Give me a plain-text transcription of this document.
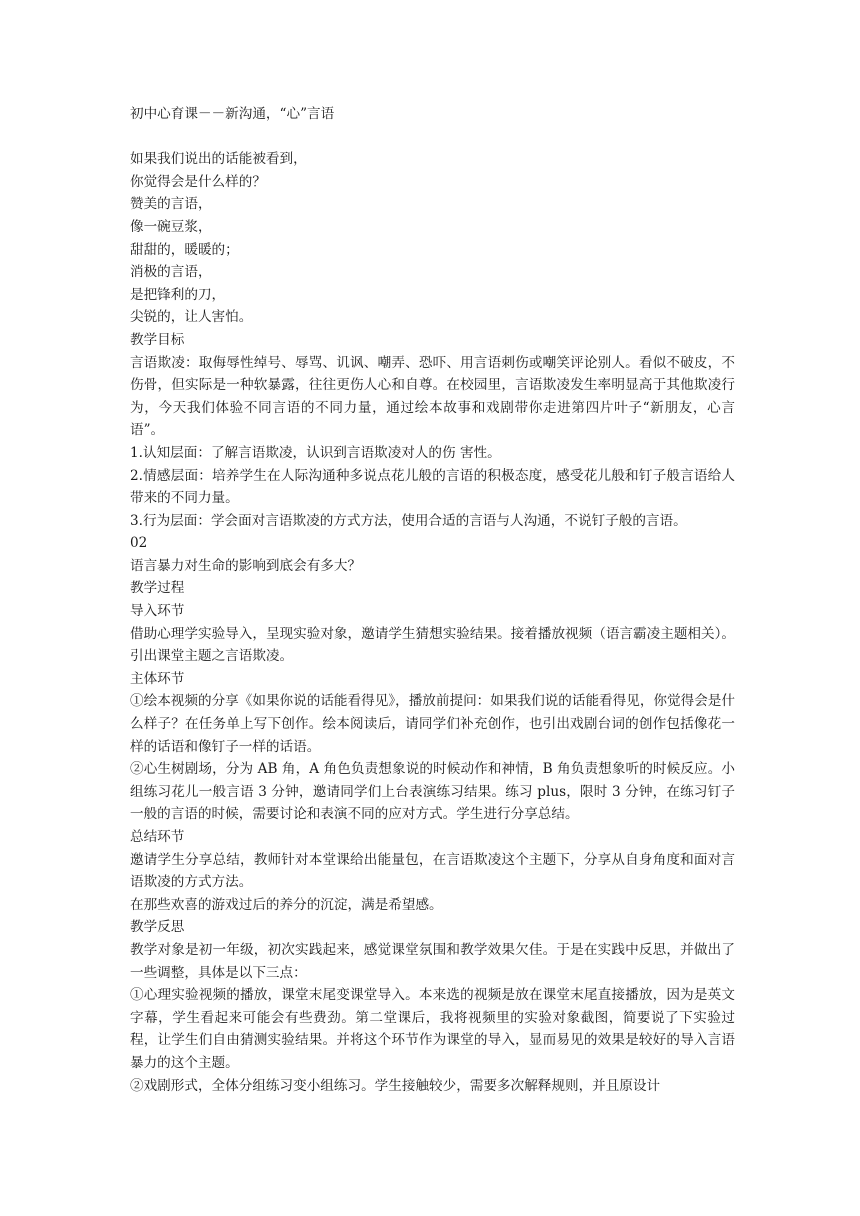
初中心育课－－新沟通，“心”言语

如果我们说出的话能被看到，

你觉得会是什么样的？

赞美的言语，

像一碗豆浆，

甜甜的，暖暖的；

消极的言语，

是把锋利的刀，

尖锐的，让人害怕。

教学目标

言语欺凌：取侮辱性绰号、辱骂、讥讽、嘲弄、恐吓、用言语刺伤或嘲笑评论别人。看似不破皮，不伤骨，但实际是一种软暴露，往往更伤人心和自尊。在校园里，言语欺凌发生率明显高于其他欺凌行为，今天我们体验不同言语的不同力量，通过绘本故事和戏剧带你走进第四片叶子“新朋友，心言语”。

1.认知层面：了解言语欺凌，认识到言语欺凌对人的伤 害性。

2.情感层面：培养学生在人际沟通种多说点花儿般的言语的积极态度，感受花儿般和钉子般言语给人带来的不同力量。

3.行为层面：学会面对言语欺凌的方式方法，使用合适的言语与人沟通，不说钉子般的言语。

02

语言暴力对生命的影响到底会有多大？

教学过程

导入环节

借助心理学实验导入，呈现实验对象，邀请学生猜想实验结果。接着播放视频（语言霸凌主题相关）。引出课堂主题之言语欺凌。

主体环节

①绘本视频的分享《如果你说的话能看得见》，播放前提问：如果我们说的话能看得见，你觉得会是什么样子？在任务单上写下创作。绘本阅读后，请同学们补充创作，也引出戏剧台词的创作包括像花一样的话语和像钉子一样的话语。

②心生树剧场，分为 AB 角，A 角色负责想象说的时候动作和神情，B 角负责想象听的时候反应。小组练习花儿一般言语 3 分钟，邀请同学们上台表演练习结果。练习 plus，限时 3 分钟，在练习钉子一般的言语的时候，需要讨论和表演不同的应对方式。学生进行分享总结。

总结环节

邀请学生分享总结，教师针对本堂课给出能量包，在言语欺凌这个主题下，分享从自身角度和面对言语欺凌的方式方法。

在那些欢喜的游戏过后的养分的沉淀，满是希望感。

教学反思

教学对象是初一年级，初次实践起来，感觉课堂氛围和教学效果欠佳。于是在实践中反思，并做出了一些调整，具体是以下三点：

①心理实验视频的播放，课堂末尾变课堂导入。本来选的视频是放在课堂末尾直接播放，因为是英文字幕，学生看起来可能会有些费劲。第二堂课后，我将视频里的实验对象截图，简要说了下实验过程，让学生们自由猜测实验结果。并将这个环节作为课堂的导入，显而易见的效果是较好的导入言语暴力的这个主题。

②戏剧形式，全体分组练习变小组练习。学生接触较少，需要多次解释规则，并且原设计
